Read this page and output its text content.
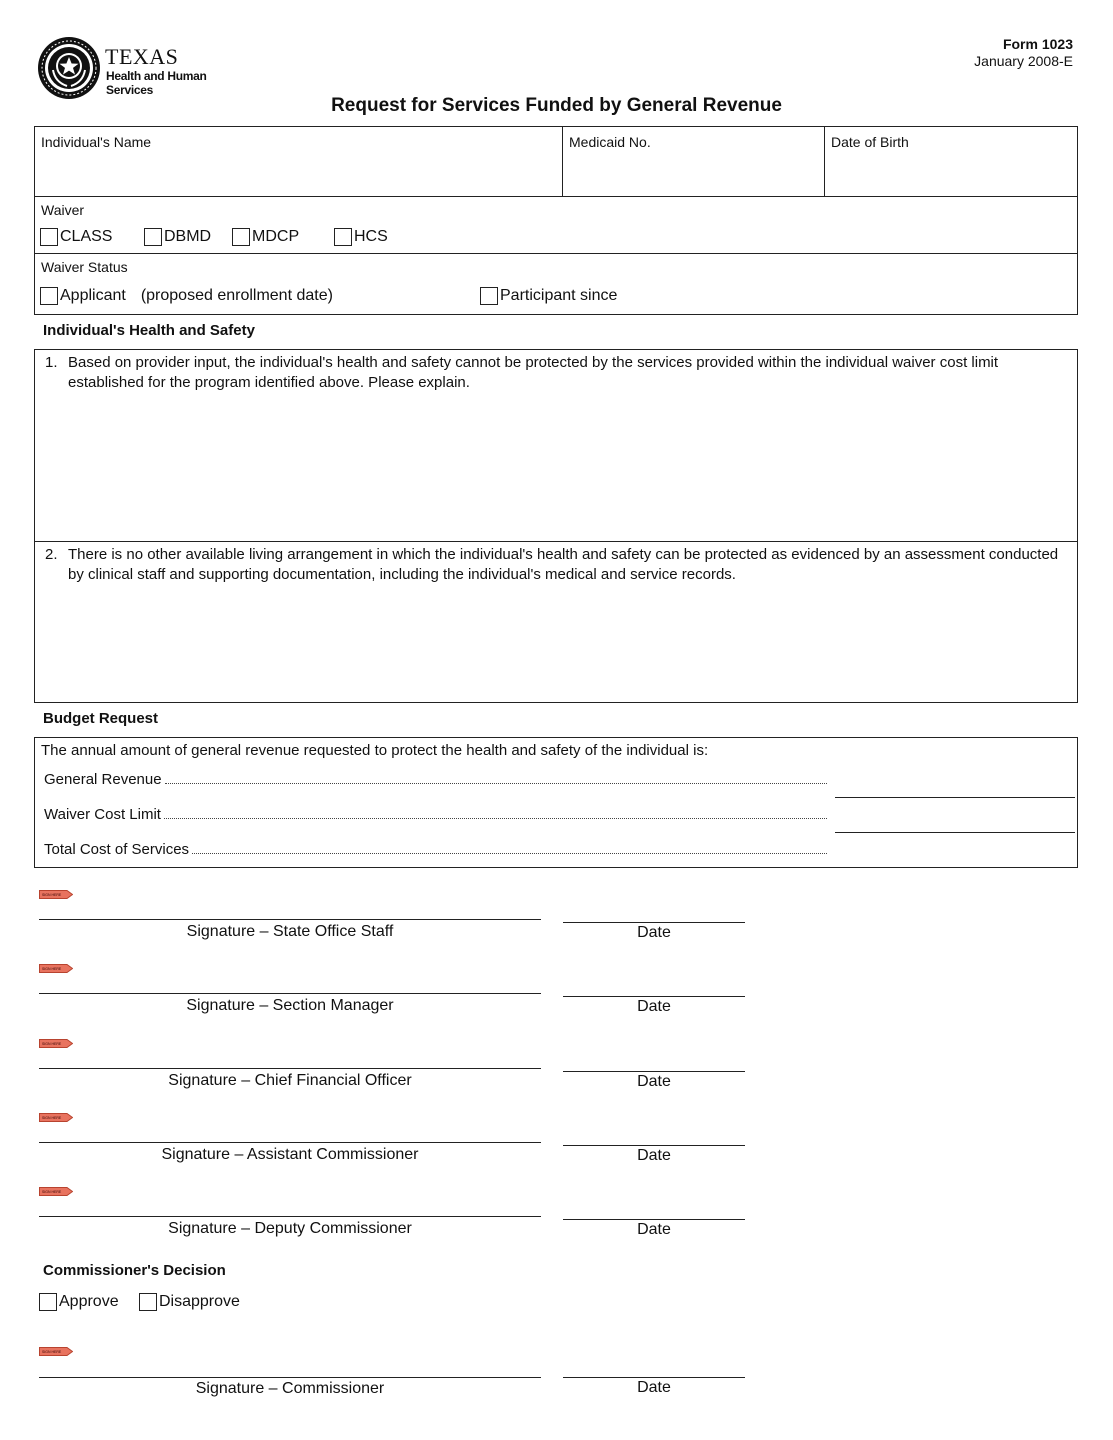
TEXAS
Health and Human
Services
Form 1023
January 2008-E
Request for Services Funded by General Revenue
Individual's Name	Medicaid No.	Date of Birth
Waiver
CLASS	DBMD	MDCP	HCS
Waiver Status
Applicant (proposed enrollment date)	Participant since
Individual's Health and Safety
1. Based on provider input, the individual's health and safety cannot be protected by the services provided within the individual waiver cost limit established for the program identified above. Please explain.
2. There is no other available living arrangement in which the individual's health and safety can be protected as evidenced by an assessment conducted by clinical staff and supporting documentation, including the individual's medical and service records.
Budget Request
The annual amount of general revenue requested to protect the health and safety of the individual is:
General Revenue
Waiver Cost Limit
Total Cost of Services
SIGN HERE
Signature – State Office Staff	Date
SIGN HERE
Signature – Section Manager	Date
SIGN HERE
Signature – Chief Financial Officer	Date
SIGN HERE
Signature – Assistant Commissioner	Date
SIGN HERE
Signature – Deputy Commissioner	Date
Commissioner's Decision
Approve	Disapprove
SIGN HERE
Signature – Commissioner	Date
